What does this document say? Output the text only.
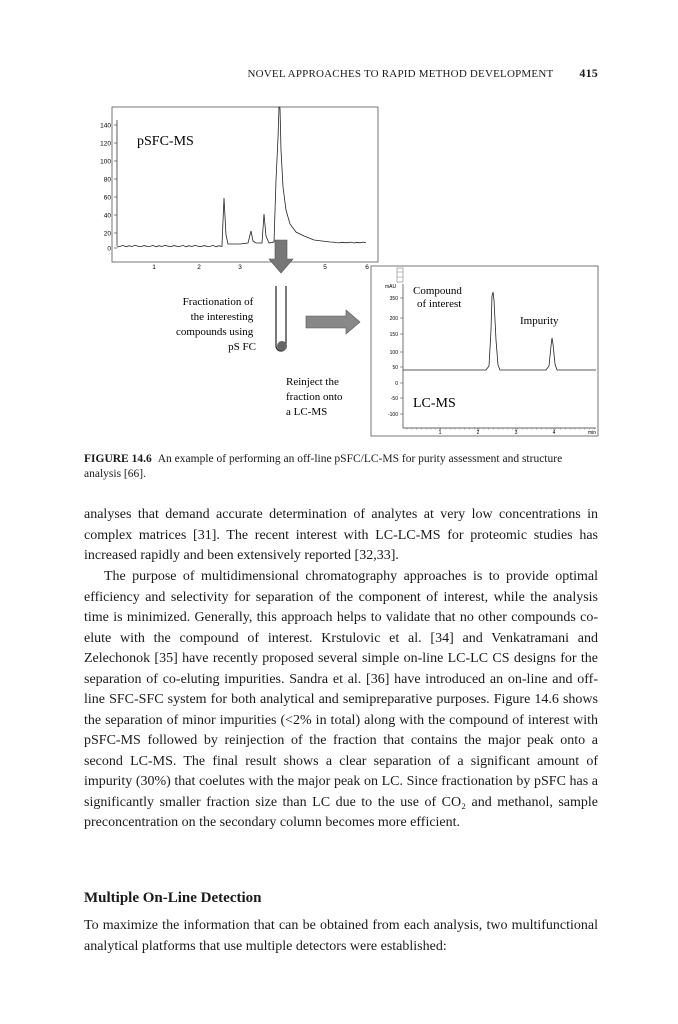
NOVEL APPROACHES TO RAPID METHOD DEVELOPMENT 415
140
120
100
80
60
40
20
0
pSFC-MS
1	2	3	5	6
Fractionation of the interesting compounds using pS FC
Reinject the fraction onto a LC-MS
mAU
350
200
150
100
50
0
-50
-100
1	2	3	4	min
Compound of interest
Impurity
LC-MS
FIGURE 14.6 An example of performing an off-line pSFC/LC-MS for purity assessment and structure analysis [66].

analyses that demand accurate determination of analytes at very low concentrations in complex matrices [31]. The recent interest with LC-LC-MS for proteomic studies has increased rapidly and been extensively reported [32,33].

The purpose of multidimensional chromatography approaches is to provide optimal efficiency and selectivity for separation of the component of interest, while the analysis time is minimized. Generally, this approach helps to validate that no other compounds co-elute with the compound of interest. Krstulovic et al. [34] and Venkatramani and Zelechonok [35] have recently proposed several simple on-line LC-LC CS designs for the separation of co-eluting impurities. Sandra et al. [36] have introduced an on-line and off-line SFC-SFC system for both analytical and semipreparative purposes. Figure 14.6 shows the separation of minor impurities (<2% in total) along with the compound of interest with pSFC-MS followed by reinjection of the fraction that contains the major peak onto a second LC-MS. The final result shows a clear separation of a significant amount of impurity (30%) that coelutes with the major peak on LC. Since fractionation by pSFC has a significantly smaller fraction size than LC due to the use of CO₂ and methanol, sample preconcentration on the secondary column becomes more efficient.

Multiple On-Line Detection

To maximize the information that can be obtained from each analysis, two multifunctional analytical platforms that use multiple detectors were established:
